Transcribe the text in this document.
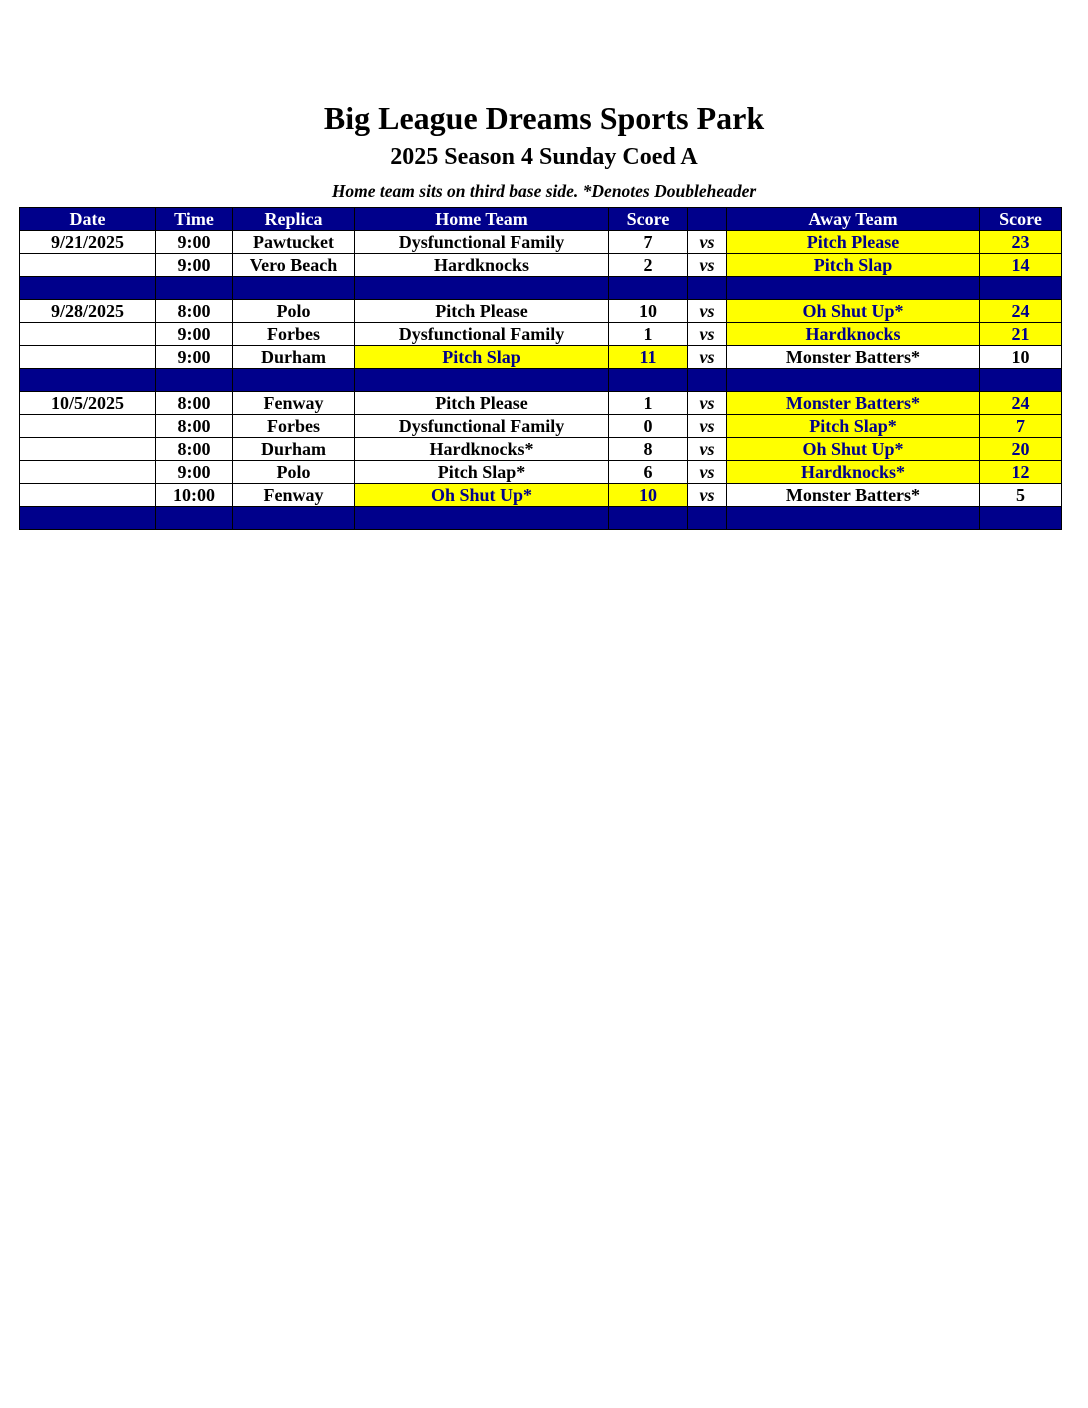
Big League Dreams Sports Park
2025 Season 4 Sunday Coed A
Home team sits on third base side. *Denotes Doubleheader
Date	Time	Replica	Home Team	Score		Away Team	Score
9/21/2025	9:00	Pawtucket	Dysfunctional Family	7	vs	Pitch Please	23
	9:00	Vero Beach	Hardknocks	2	vs	Pitch Slap	14

9/28/2025	8:00	Polo	Pitch Please	10	vs	Oh Shut Up*	24
	9:00	Forbes	Dysfunctional Family	1	vs	Hardknocks	21
	9:00	Durham	Pitch Slap	11	vs	Monster Batters*	10

10/5/2025	8:00	Fenway	Pitch Please	1	vs	Monster Batters*	24
	8:00	Forbes	Dysfunctional Family	0	vs	Pitch Slap*	7
	8:00	Durham	Hardknocks*	8	vs	Oh Shut Up*	20
	9:00	Polo	Pitch Slap*	6	vs	Hardknocks*	12
	10:00	Fenway	Oh Shut Up*	10	vs	Monster Batters*	5
